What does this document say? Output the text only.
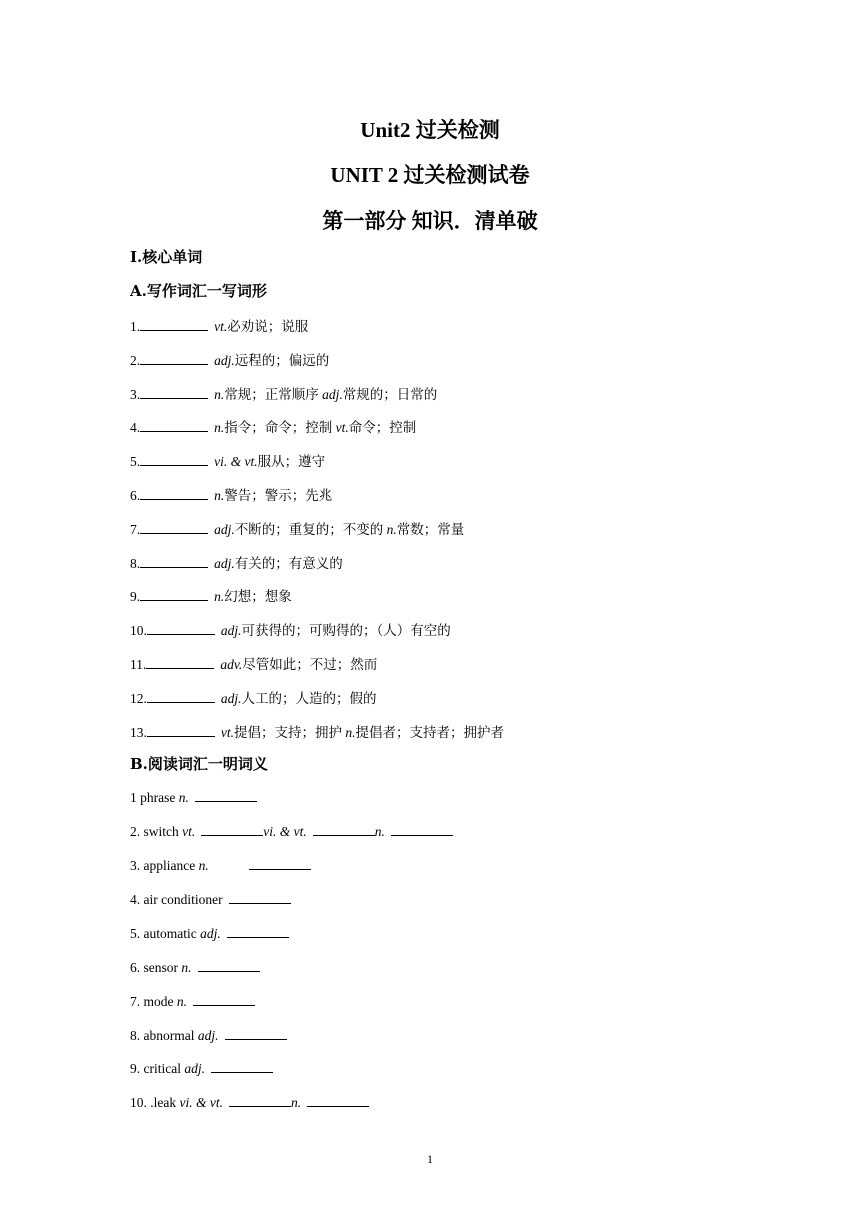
Unit2 过关检测
UNIT 2 过关检测试卷
第一部分 知识．清单破
Ⅰ.核心单词
A.写作词汇一写词形
1.	vt.必劝说；说服
2.	adj.远程的；偏远的
3.	n.常规；正常顺序 adj.常规的；日常的
4.	n.指令；命令；控制 vt.命令；控制
5.	vi. & vt.服从；遵守
6.	n.警告；警示；先兆
7.	adj.不断的；重复的；不变的 n.常数；常量
8.	adj.有关的；有意义的
9.	n.幻想；想象
10.	adj.可获得的；可购得的；（人）有空的
11.	adv.尽管如此；不过；然而
12.	adj.人工的；人造的；假的
13.	vt.提倡；支持；拥护 n.提倡者；支持者；拥护者
B.阅读词汇一明词义
1 phrase n.
2. switch vt.	vi. & vt.	n.
3. appliance n.
4. air conditioner
5. automatic adj.
6. sensor n.
7. mode n.
8. abnormal adj.
9. critical adj.
10. .leak vi. & vt.	n.
1
